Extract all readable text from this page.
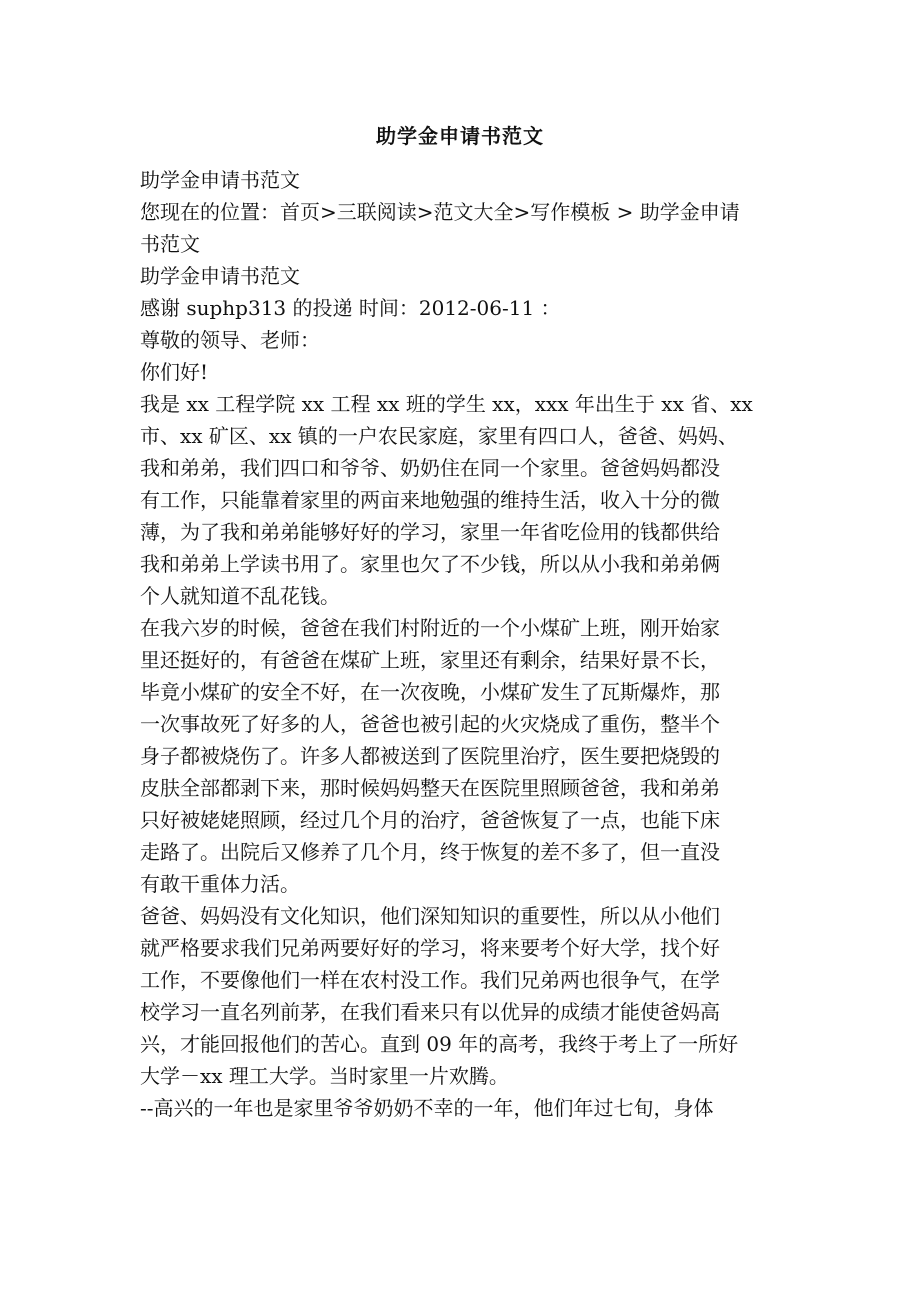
助学金申请书范文
助学金申请书范文
您现在的位置：首页>三联阅读>范文大全>写作模板 > 助学金申请
书范文
助学金申请书范文
感谢 suphp313 的投递 时间：2012-06-11 ：
尊敬的领导、老师：
你们好!
我是 xx 工程学院 xx 工程 xx 班的学生 xx，xxx 年出生于 xx 省、xx
市、xx 矿区、xx 镇的一户农民家庭，家里有四口人，爸爸、妈妈、
我和弟弟，我们四口和爷爷、奶奶住在同一个家里。爸爸妈妈都没
有工作，只能靠着家里的两亩来地勉强的维持生活，收入十分的微
薄，为了我和弟弟能够好好的学习，家里一年省吃俭用的钱都供给
我和弟弟上学读书用了。家里也欠了不少钱，所以从小我和弟弟俩
个人就知道不乱花钱。
在我六岁的时候，爸爸在我们村附近的一个小煤矿上班，刚开始家
里还挺好的，有爸爸在煤矿上班，家里还有剩余，结果好景不长，
毕竟小煤矿的安全不好，在一次夜晚，小煤矿发生了瓦斯爆炸，那
一次事故死了好多的人，爸爸也被引起的火灾烧成了重伤，整半个
身子都被烧伤了。许多人都被送到了医院里治疗，医生要把烧毁的
皮肤全部都剥下来，那时候妈妈整天在医院里照顾爸爸，我和弟弟
只好被姥姥照顾，经过几个月的治疗，爸爸恢复了一点，也能下床
走路了。出院后又修养了几个月，终于恢复的差不多了，但一直没
有敢干重体力活。
爸爸、妈妈没有文化知识，他们深知知识的重要性，所以从小他们
就严格要求我们兄弟两要好好的学习，将来要考个好大学，找个好
工作，不要像他们一样在农村没工作。我们兄弟两也很争气，在学
校学习一直名列前茅，在我们看来只有以优异的成绩才能使爸妈高
兴，才能回报他们的苦心。直到 09 年的高考，我终于考上了一所好
大学－xx 理工大学。当时家里一片欢腾。
--高兴的一年也是家里爷爷奶奶不幸的一年，他们年过七旬，身体
